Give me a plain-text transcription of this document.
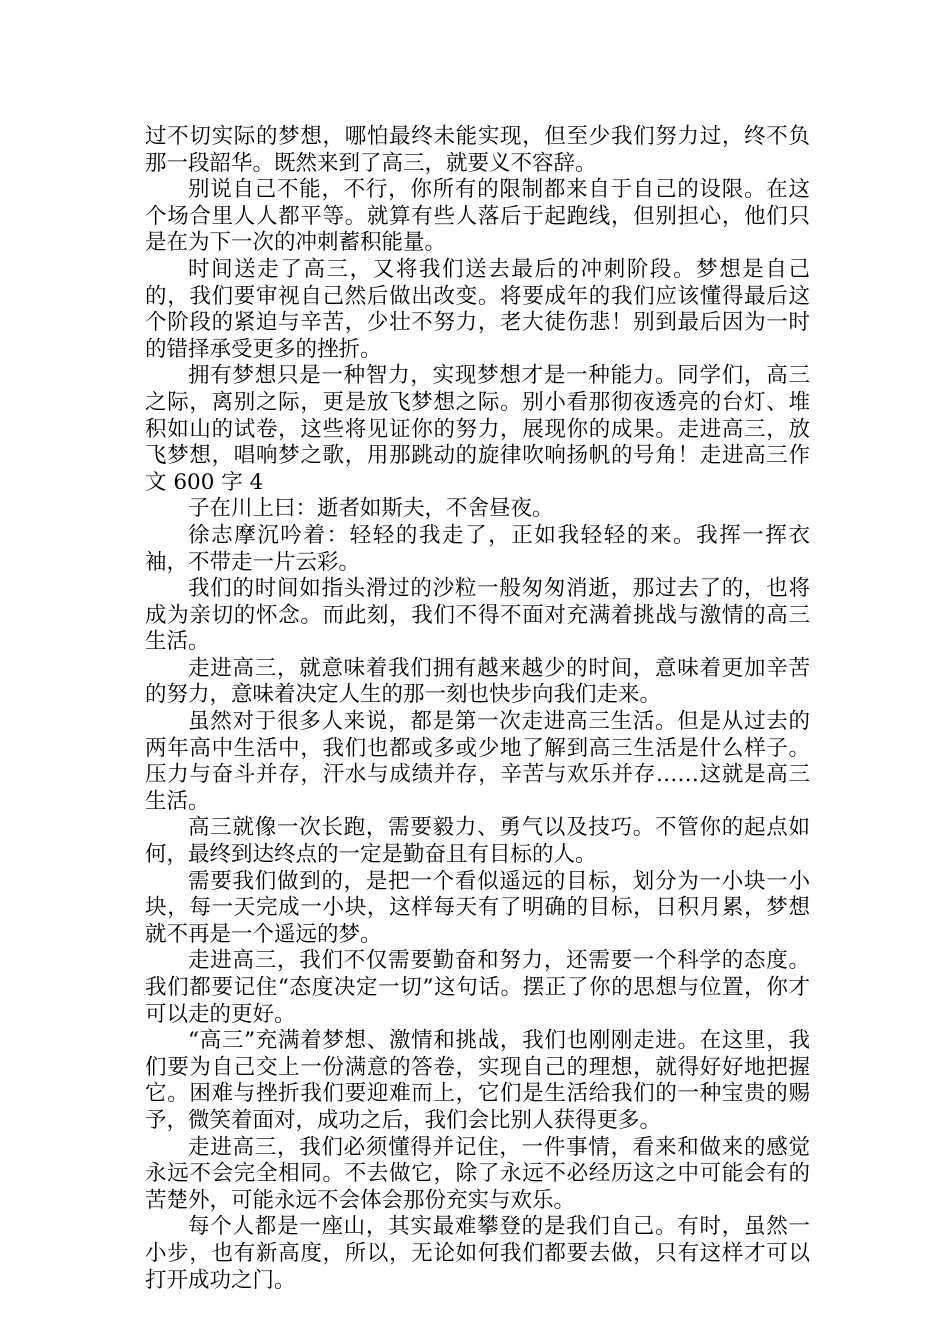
过不切实际的梦想，哪怕最终未能实现，但至少我们努力过，终不负那一段韶华。既然来到了高三，就要义不容辞。

别说自己不能，不行，你所有的限制都来自于自己的设限。在这个场合里人人都平等。就算有些人落后于起跑线，但别担心，他们只是在为下一次的冲刺蓄积能量。

时间送走了高三，又将我们送去最后的冲刺阶段。梦想是自己的，我们要审视自己然后做出改变。将要成年的我们应该懂得最后这个阶段的紧迫与辛苦，少壮不努力，老大徒伤悲！别到最后因为一时的错择承受更多的挫折。

拥有梦想只是一种智力，实现梦想才是一种能力。同学们，高三之际，离别之际，更是放飞梦想之际。别小看那彻夜透亮的台灯、堆积如山的试卷，这些将见证你的努力，展现你的成果。走进高三，放飞梦想，唱响梦之歌，用那跳动的旋律吹响扬帆的号角！走进高三作文 600 字 4

子在川上曰：逝者如斯夫，不舍昼夜。

徐志摩沉吟着：轻轻的我走了，正如我轻轻的来。我挥一挥衣袖，不带走一片云彩。

我们的时间如指头滑过的沙粒一般匆匆消逝，那过去了的，也将成为亲切的怀念。而此刻，我们不得不面对充满着挑战与激情的高三生活。

走进高三，就意味着我们拥有越来越少的时间，意味着更加辛苦的努力，意味着决定人生的那一刻也快步向我们走来。

虽然对于很多人来说，都是第一次走进高三生活。但是从过去的两年高中生活中，我们也都或多或少地了解到高三生活是什么样子。压力与奋斗并存，汗水与成绩并存，辛苦与欢乐并存……这就是高三生活。

高三就像一次长跑，需要毅力、勇气以及技巧。不管你的起点如何，最终到达终点的一定是勤奋且有目标的人。

需要我们做到的，是把一个看似遥远的目标，划分为一小块一小块，每一天完成一小块，这样每天有了明确的目标，日积月累，梦想就不再是一个遥远的梦。

走进高三，我们不仅需要勤奋和努力，还需要一个科学的态度。我们都要记住“态度决定一切”这句话。摆正了你的思想与位置，你才可以走的更好。

“高三”充满着梦想、激情和挑战，我们也刚刚走进。在这里，我们要为自己交上一份满意的答卷，实现自己的理想，就得好好地把握它。困难与挫折我们要迎难而上，它们是生活给我们的一种宝贵的赐予，微笑着面对，成功之后，我们会比别人获得更多。

走进高三，我们必须懂得并记住，一件事情，看来和做来的感觉永远不会完全相同。不去做它，除了永远不必经历这之中可能会有的苦楚外，可能永远不会体会那份充实与欢乐。

每个人都是一座山，其实最难攀登的是我们自己。有时，虽然一小步，也有新高度，所以，无论如何我们都要去做，只有这样才可以打开成功之门。
